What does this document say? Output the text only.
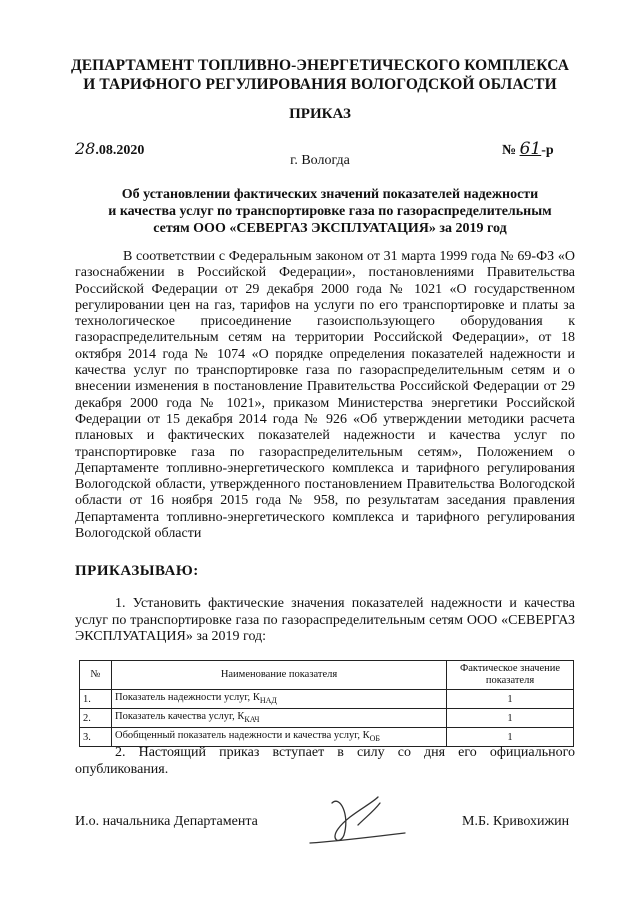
ДЕПАРТАМЕНТ ТОПЛИВНО-ЭНЕРГЕТИЧЕСКОГО КОМПЛЕКСА
И ТАРИФНОГО РЕГУЛИРОВАНИЯ ВОЛОГОДСКОЙ ОБЛАСТИ
ПРИКАЗ
28.08.2020	№ 61-р
г. Вологда
Об установлении фактических значений показателей надежности
и качества услуг по транспортировке газа по газораспределительным
сетям ООО «СЕВЕРГАЗ ЭКСПЛУАТАЦИЯ» за 2019 год
В соответствии с Федеральным законом от 31 марта 1999 года № 69-ФЗ «О газоснабжении в Российской Федерации», постановлениями Правительства Российской Федерации от 29 декабря 2000 года № 1021 «О государственном регулировании цен на газ, тарифов на услуги по его транспортировке и платы за технологическое присоединение газоиспользующего оборудования к газораспределительным сетям на территории Российской Федерации», от 18 октября 2014 года № 1074 «О порядке определения показателей надежности и качества услуг по транспортировке газа по газораспределительным сетям и о внесении изменения в постановление Правительства Российской Федерации от 29 декабря 2000 года № 1021», приказом Министерства энергетики Российской Федерации от 15 декабря 2014 года № 926 «Об утверждении методики расчета плановых и фактических показателей надежности и качества услуг по транспортировке газа по газораспределительным сетям», Положением о Департаменте топливно-энергетического комплекса и тарифного регулирования Вологодской области, утвержденного постановлением Правительства Вологодской области от 16 ноября 2015 года № 958, по результатам заседания правления Департамента топливно-энергетического комплекса и тарифного регулирования Вологодской области
ПРИКАЗЫВАЮ:
1. Установить фактические значения показателей надежности и качества услуг по транспортировке газа по газораспределительным сетям ООО «СЕВЕРГАЗ ЭКСПЛУАТАЦИЯ» за 2019 год:
№	Наименование показателя	Фактическое значение показателя
1.	Показатель надежности услуг, $К_{НАД}$	1
2.	Показатель качества услуг, $К_{КАЧ}$	1
3.	Обобщенный показатель надежности и качества услуг, $К_{ОБ}$	1
2. Настоящий приказ вступает в силу со дня его официального опубликования.
И.о. начальника Департамента	М.Б. Кривохижин
